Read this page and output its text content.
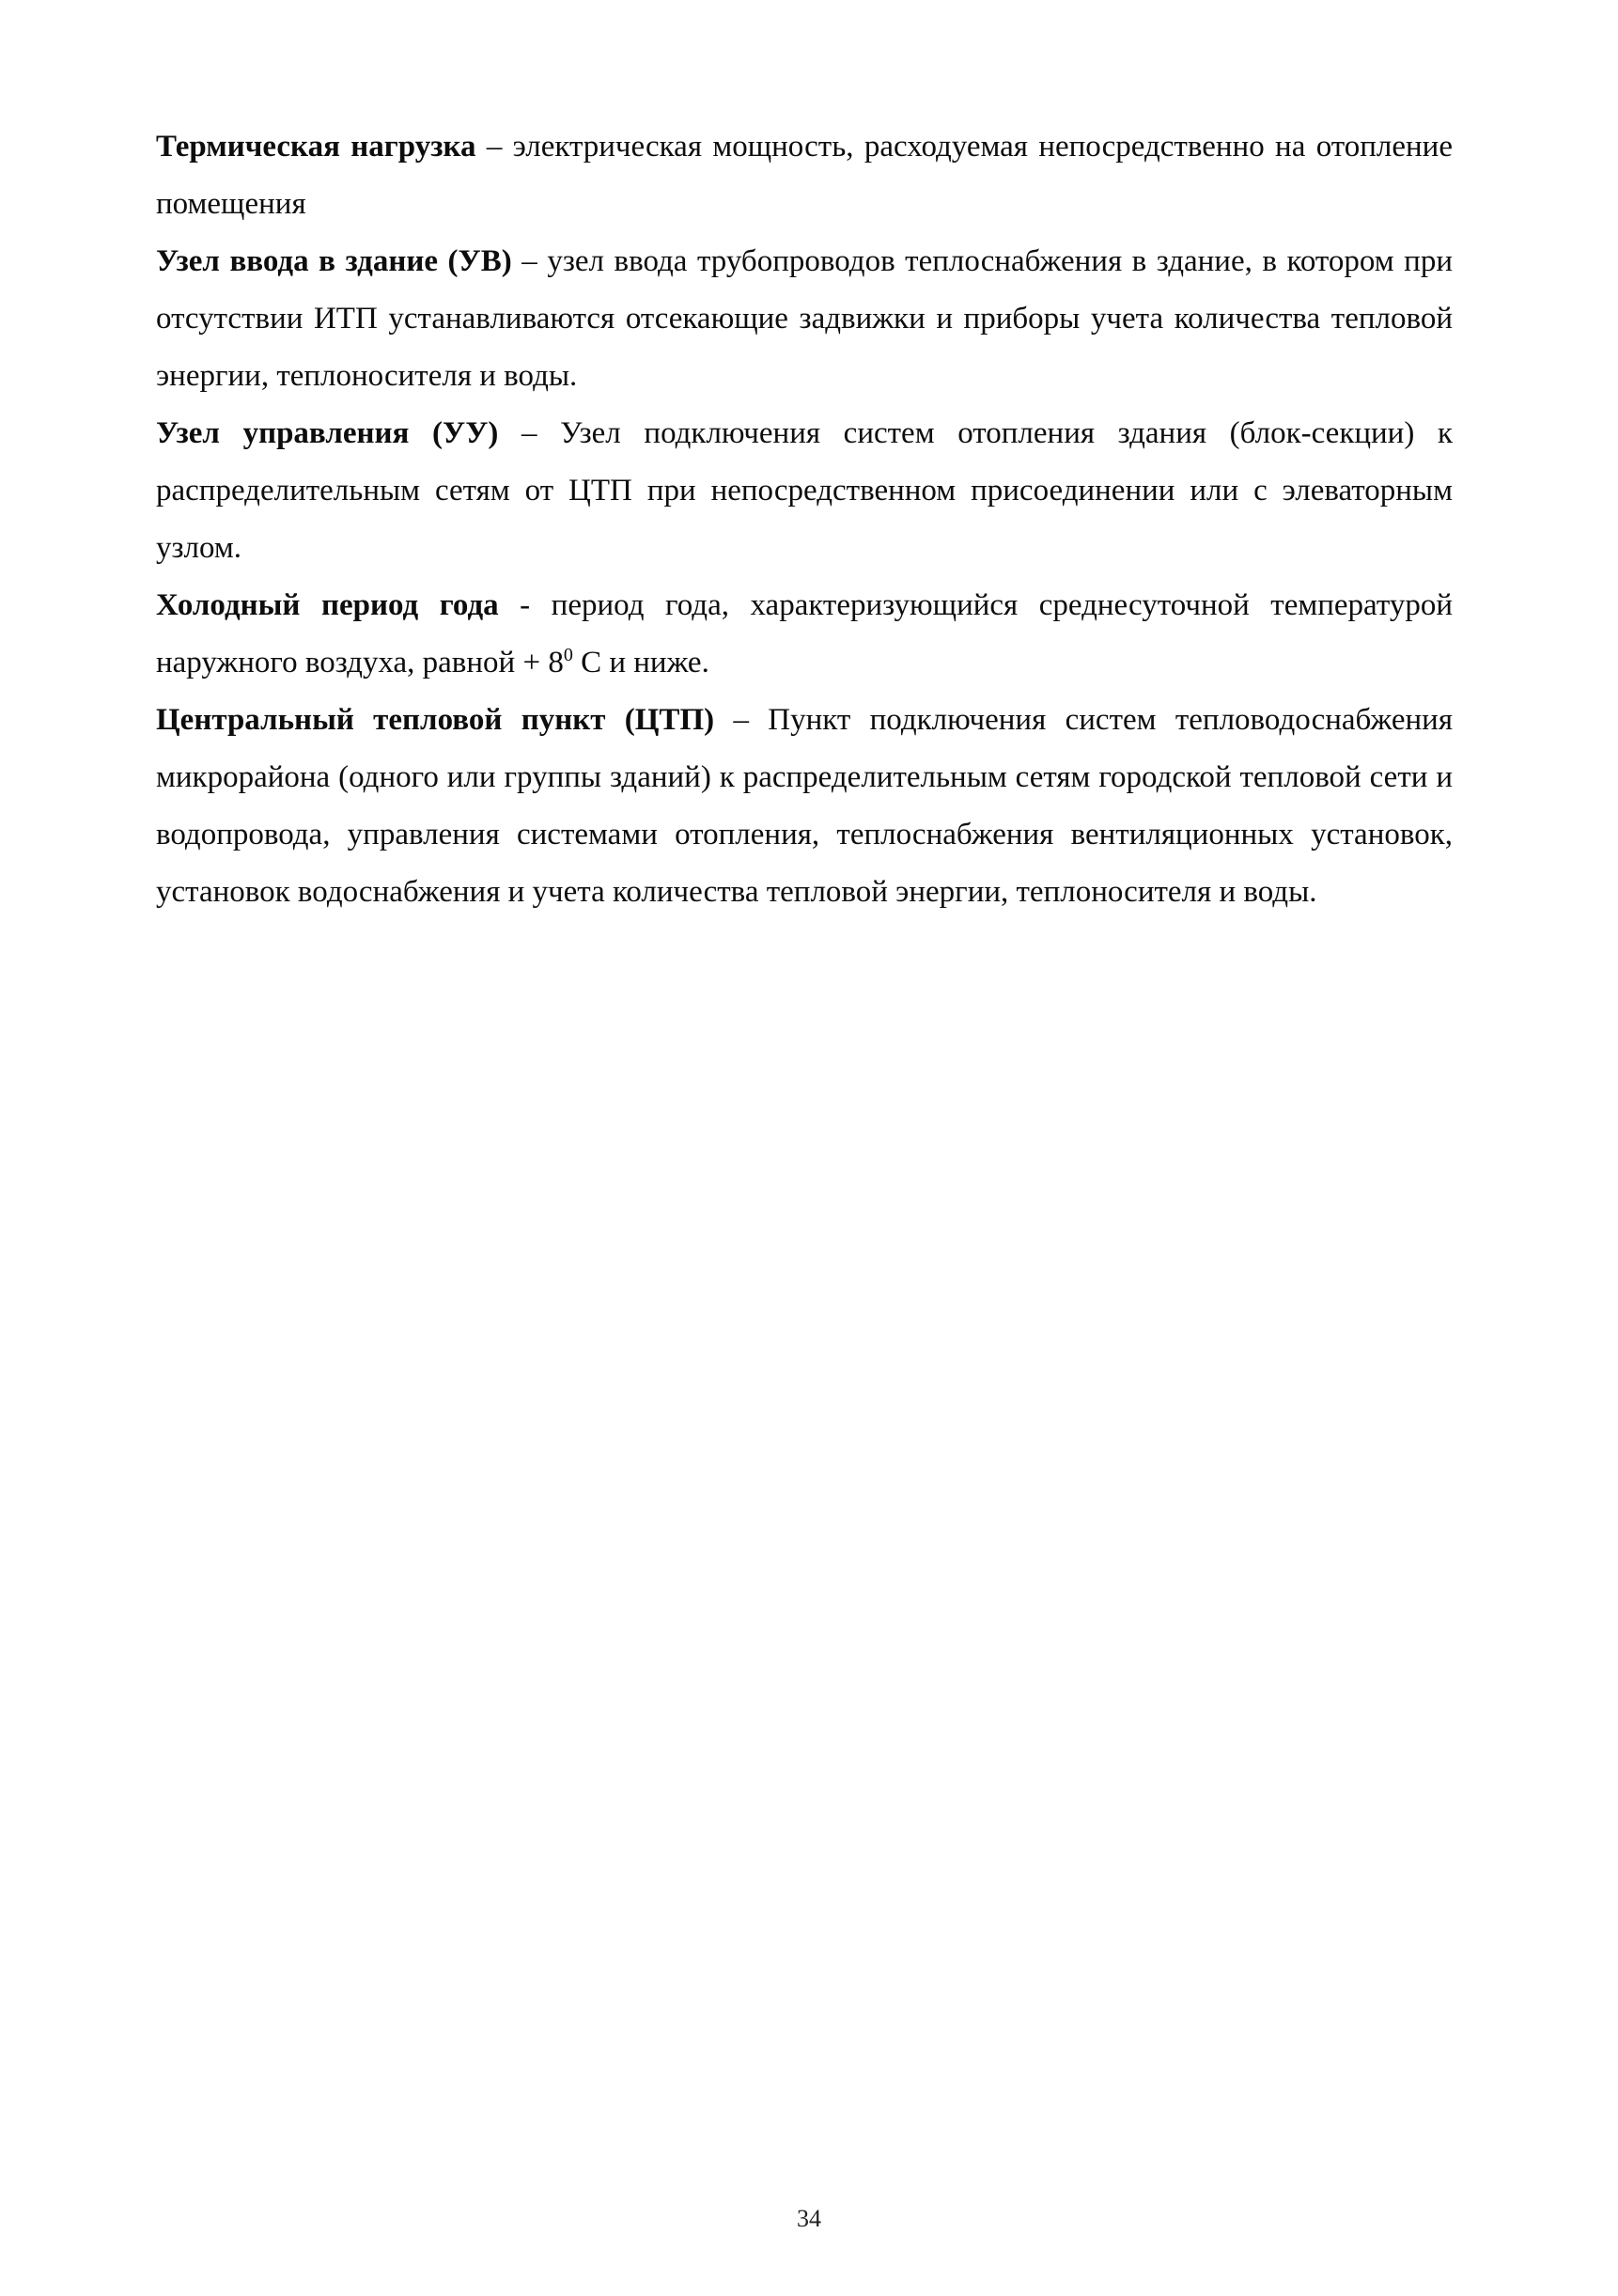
Термическая нагрузка – электрическая мощность, расходуемая непосредственно на отопление помещения

Узел ввода в здание (УВ) – узел ввода трубопроводов теплоснабжения в здание, в котором при отсутствии ИТП устанавливаются отсекающие задвижки и приборы учета количества тепловой энергии, теплоносителя и воды.

Узел управления (УУ) – Узел подключения систем отопления здания (блок-секции) к распределительным сетям от ЦТП при непосредственном присоединении или с элеваторным узлом.

Холодный период года - период года, характеризующийся среднесуточной температурой наружного воздуха, равной + $8^0$ С и ниже.

Центральный тепловой пункт (ЦТП) – Пункт подключения систем тепловодоснабжения микрорайона (одного или группы зданий) к распределительным сетям городской тепловой сети и водопровода, управления системами отопления, теплоснабжения вентиляционных установок, установок водоснабжения и учета количества тепловой энергии, теплоносителя и воды.

34
